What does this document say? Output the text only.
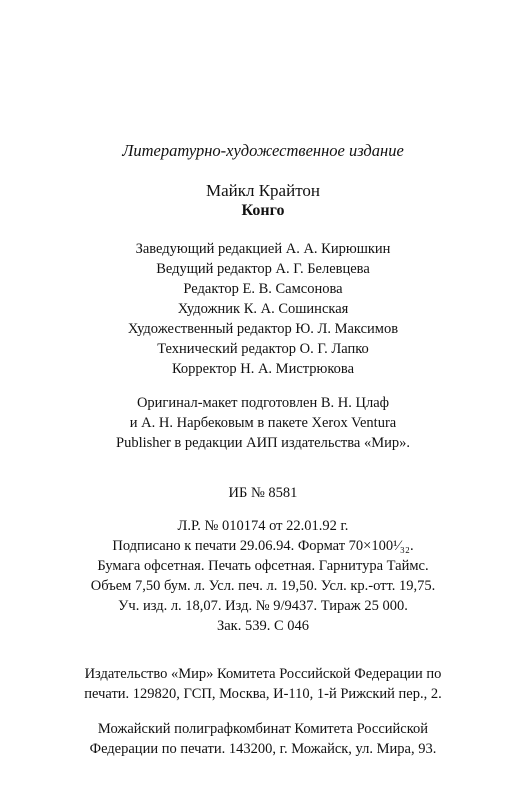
Литературно-художественное издание
Майкл Крайтон
Конго
Заведующий редакцией А. А. Кирюшкин
Ведущий редактор А. Г. Белевцева
Редактор Е. В. Самсонова
Художник К. А. Сошинская
Художественный редактор Ю. Л. Максимов
Технический редактор О. Г. Лапко
Корректор Н. А. Мистрюкова
Оригинал-макет подготовлен В. Н. Цлаф
и А. Н. Нарбековым в пакете Xerox Ventura
Publisher в редакции АИП издательства «Мир».
ИБ № 8581
Л.Р. № 010174 от 22.01.92 г.
Подписано к печати 29.06.94. Формат 70×100¹⁄₃₂.
Бумага офсетная. Печать офсетная. Гарнитура Таймс.
Объем 7,50 бум. л. Усл. печ. л. 19,50. Усл. кр.-отт. 19,75.
Уч. изд. л. 18,07. Изд. № 9/9437. Тираж 25 000.
Зак. 539. С 046
Издательство «Мир» Комитета Российской Федерации по
печати. 129820, ГСП, Москва, И-110, 1-й Рижский пер., 2.
Можайский полиграфкомбинат Комитета Российской
Федерации по печати. 143200, г. Можайск, ул. Мира, 93.
